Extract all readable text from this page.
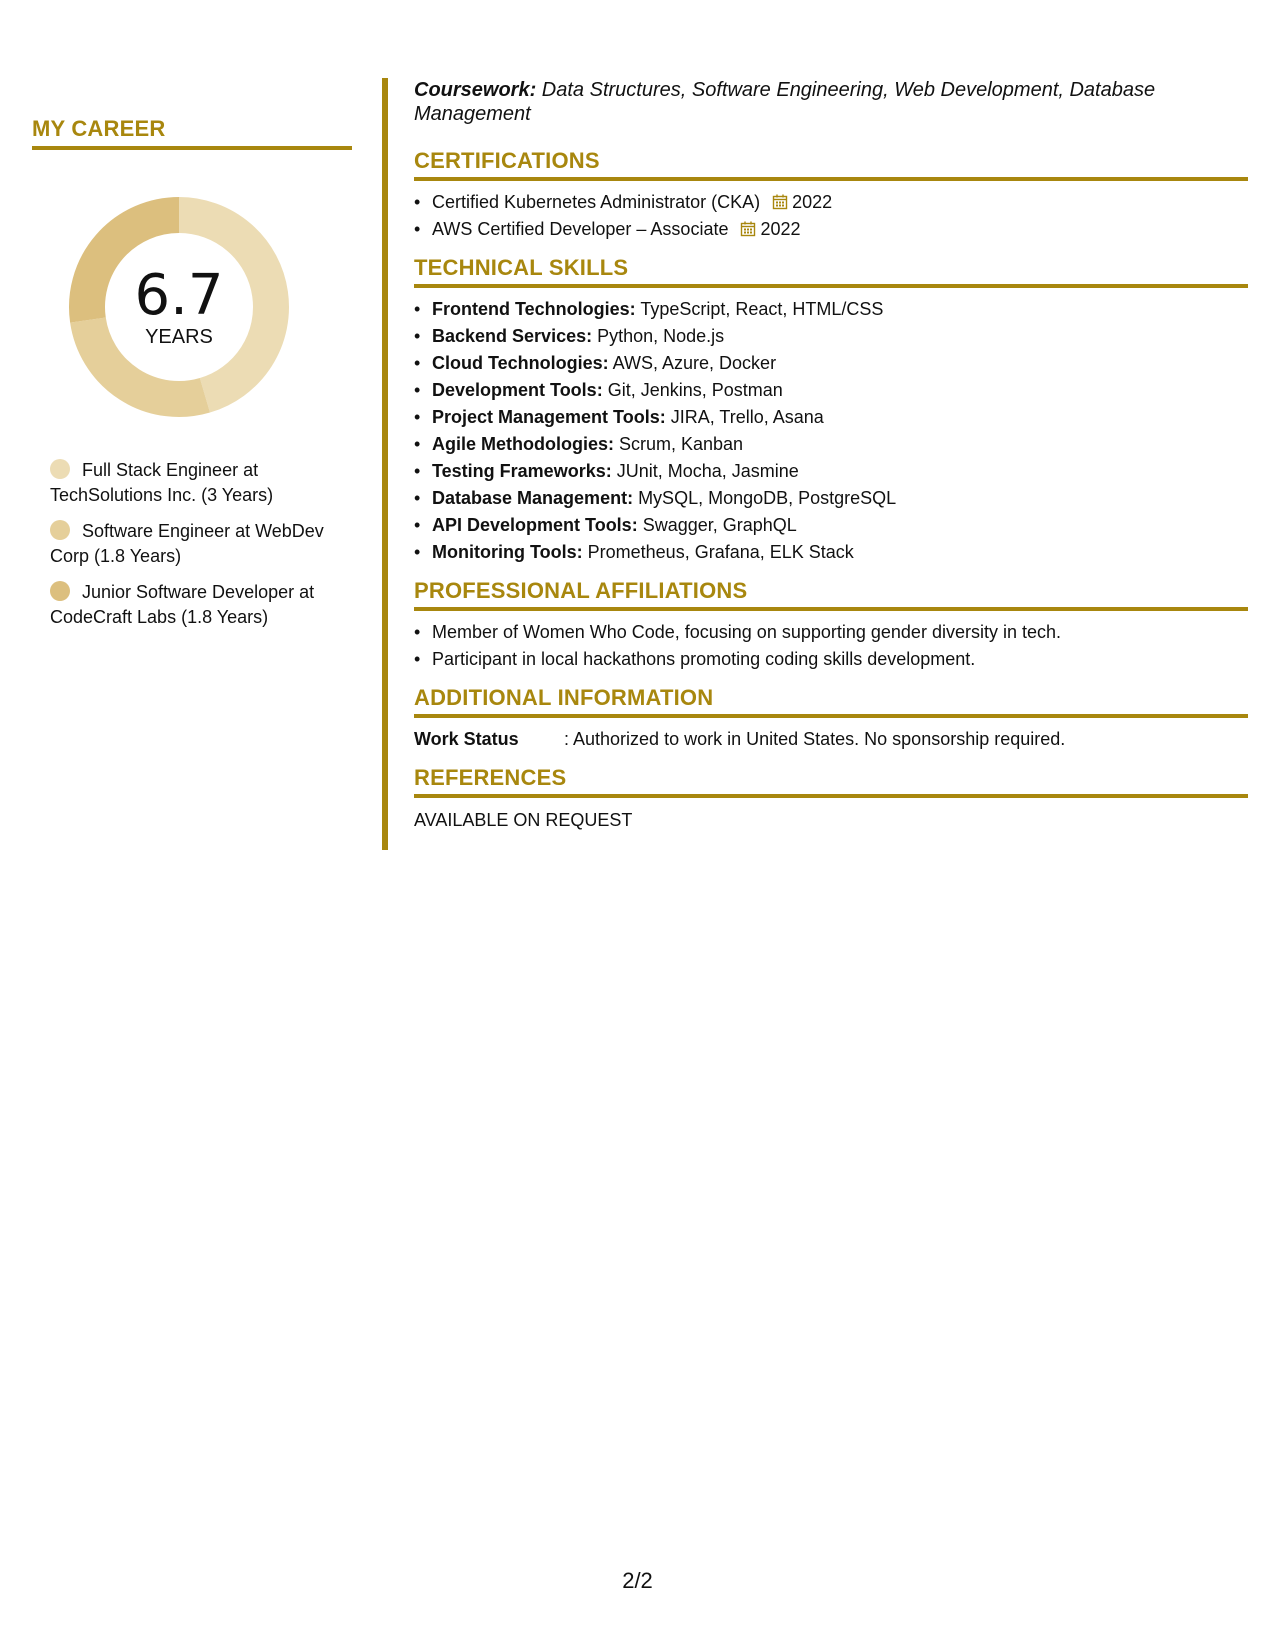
MY CAREER
6.7
YEARS
Full Stack Engineer at TechSolutions Inc. (3 Years)
Software Engineer at WebDev Corp (1.8 Years)
Junior Software Developer at CodeCraft Labs (1.8 Years)

Coursework: Data Structures, Software Engineering, Web Development, Database Management

CERTIFICATIONS
• Certified Kubernetes Administrator (CKA) 2022
• AWS Certified Developer – Associate 2022
TECHNICAL SKILLS
• Frontend Technologies: TypeScript, React, HTML/CSS
• Backend Services: Python, Node.js
• Cloud Technologies: AWS, Azure, Docker
• Development Tools: Git, Jenkins, Postman
• Project Management Tools: JIRA, Trello, Asana
• Agile Methodologies: Scrum, Kanban
• Testing Frameworks: JUnit, Mocha, Jasmine
• Database Management: MySQL, MongoDB, PostgreSQL
• API Development Tools: Swagger, GraphQL
• Monitoring Tools: Prometheus, Grafana, ELK Stack
PROFESSIONAL AFFILIATIONS
• Member of Women Who Code, focusing on supporting gender diversity in tech.
• Participant in local hackathons promoting coding skills development.
ADDITIONAL INFORMATION
Work Status	: Authorized to work in United States. No sponsorship required.
REFERENCES
AVAILABLE ON REQUEST
2/2
